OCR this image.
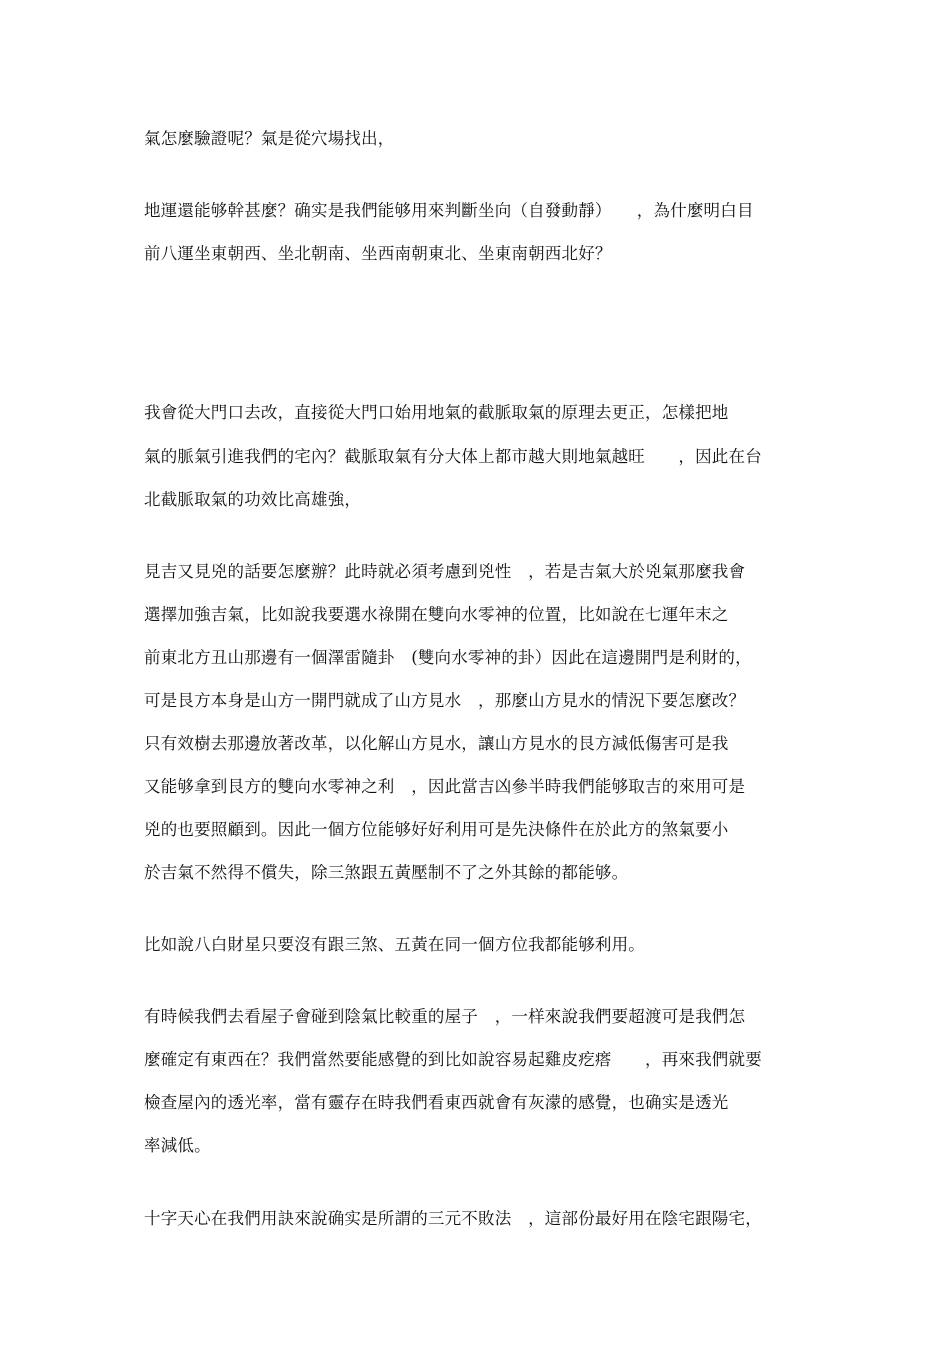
氣怎麼驗證呢？氣是從穴場找出，
地運還能够幹甚麼？确实是我們能够用來判斷坐向（自發動靜）　　，為什麼明白目
前八運坐東朝西、坐北朝南、坐西南朝東北、坐東南朝西北好？
我會從大門口去改，直接從大門口始用地氣的截脈取氣的原理去更正，怎樣把地
氣的脈氣引進我們的宅內？截脈取氣有分大体上都市越大則地氣越旺　　，因此在台
北截脈取氣的功效比高雄強，
見吉又見兇的話要怎麼辦？此時就必須考慮到兇性　，若是吉氣大於兇氣那麼我會
選擇加強吉氣，比如說我要選水祿開在雙向水零神的位置，比如說在七運年末之
前東北方丑山那邊有一個澤雷隨卦　(雙向水零神的卦）因此在這邊開門是利財的，
可是艮方本身是山方一開門就成了山方見水　，那麼山方見水的情況下要怎麼改？
只有效樹去那邊放著改革，以化解山方見水，讓山方見水的艮方減低傷害可是我
又能够拿到艮方的雙向水零神之利　，因此當吉凶參半時我們能够取吉的來用可是
兇的也要照顧到。因此一個方位能够好好利用可是先決條件在於此方的煞氣要小
於吉氣不然得不償失，除三煞跟五黃壓制不了之外其餘的都能够。
比如說八白財星只要沒有跟三煞、五黃在同一個方位我都能够利用。
有時候我們去看屋子會碰到陰氣比較重的屋子　，一样來說我們要超渡可是我們怎
麼確定有東西在？我們當然要能感覺的到比如說容易起雞皮疙瘩　　，再來我們就要
檢查屋內的透光率，當有靈存在時我們看東西就會有灰濛的感覺，也确实是透光
率減低。
十字天心在我們用訣來說确实是所謂的三元不敗法　，這部份最好用在陰宅跟陽宅，
